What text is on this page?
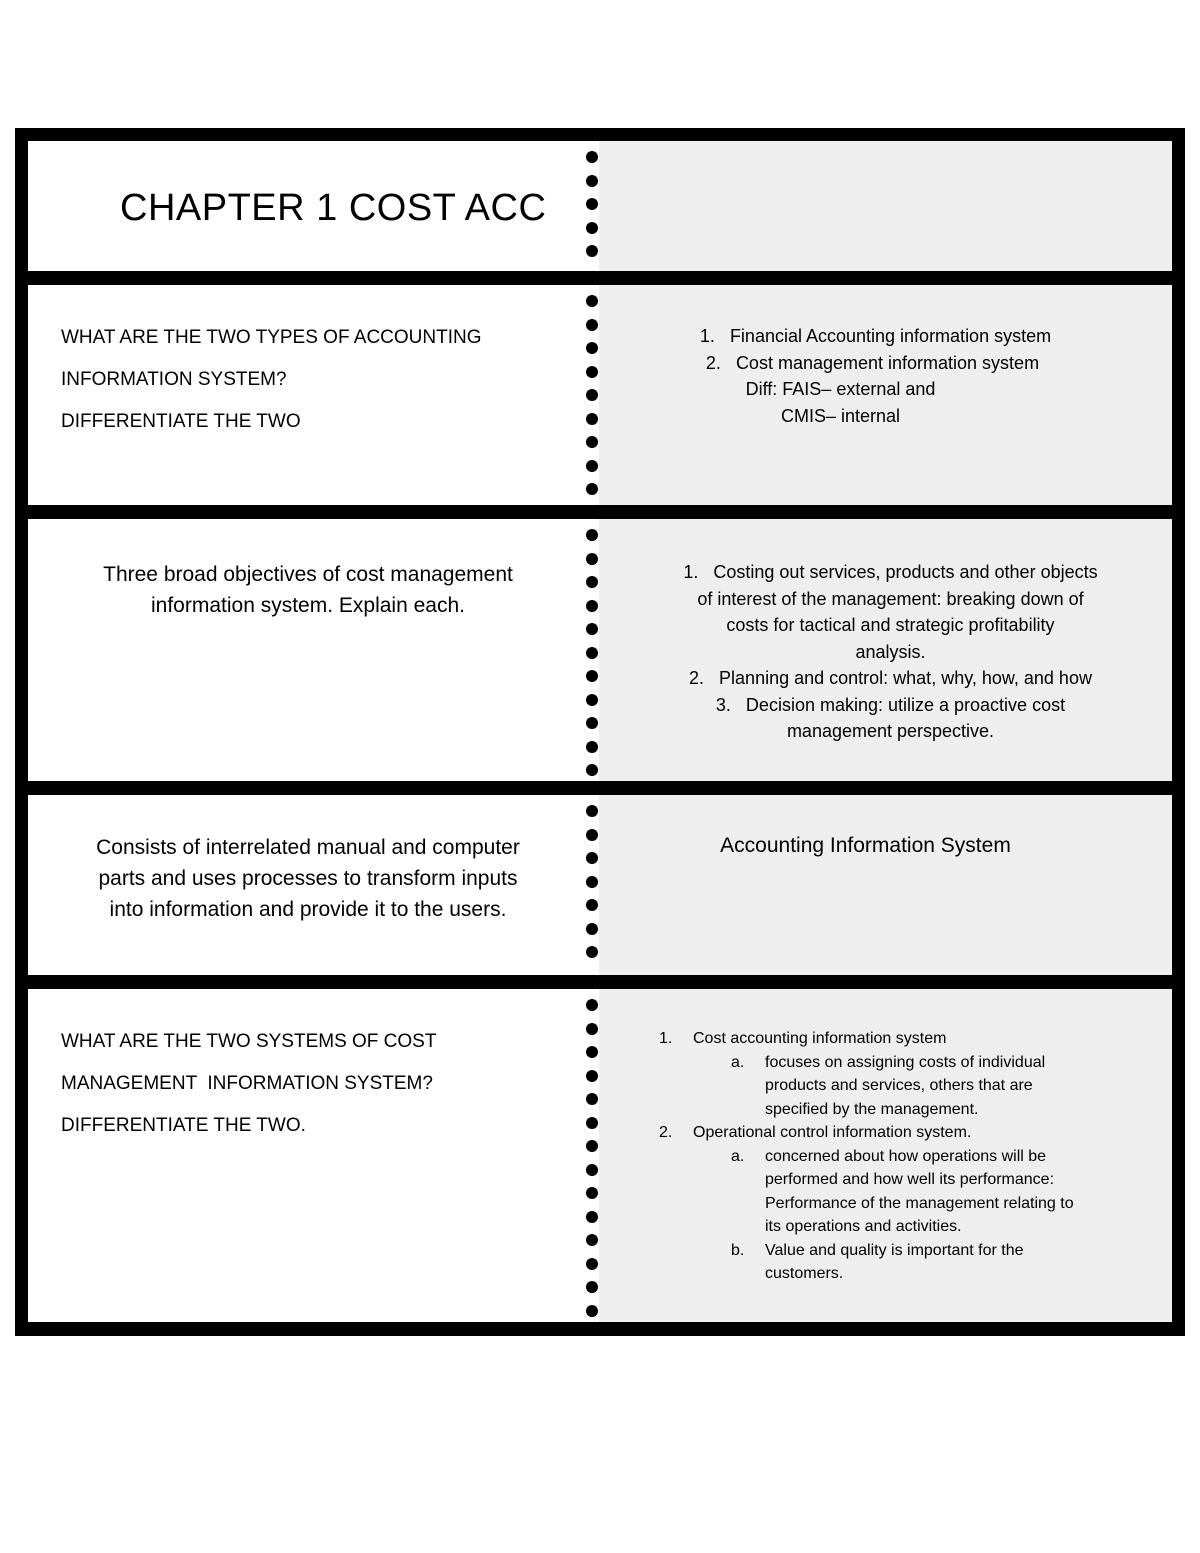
CHAPTER 1 COST ACC
WHAT ARE THE TWO TYPES OF ACCOUNTING
INFORMATION SYSTEM?
DIFFERENTIATE THE TWO
1. Financial Accounting information system
2. Cost management information system
Diff: FAIS– external and
CMIS– internal
Three broad objectives of cost management
information system. Explain each.
1.   Costing out services, products and other objects
of interest of the management: breaking down of
costs for tactical and strategic profitability
analysis.
2.   Planning and control: what, why, how, and how
3.   Decision making: utilize a proactive cost
management perspective.
Consists of interrelated manual and computer
parts and uses processes to transform inputs
into information and provide it to the users.
Accounting Information System
WHAT ARE THE TWO SYSTEMS OF COST
MANAGEMENT  INFORMATION SYSTEM?
DIFFERENTIATE THE TWO.
1.	Cost accounting information system
a.	focuses on assigning costs of individual
products and services, others that are
specified by the management.
2.	Operational control information system.
a.	concerned about how operations will be
performed and how well its performance:
Performance of the management relating to
its operations and activities.
b.	Value and quality is important for the
customers.
